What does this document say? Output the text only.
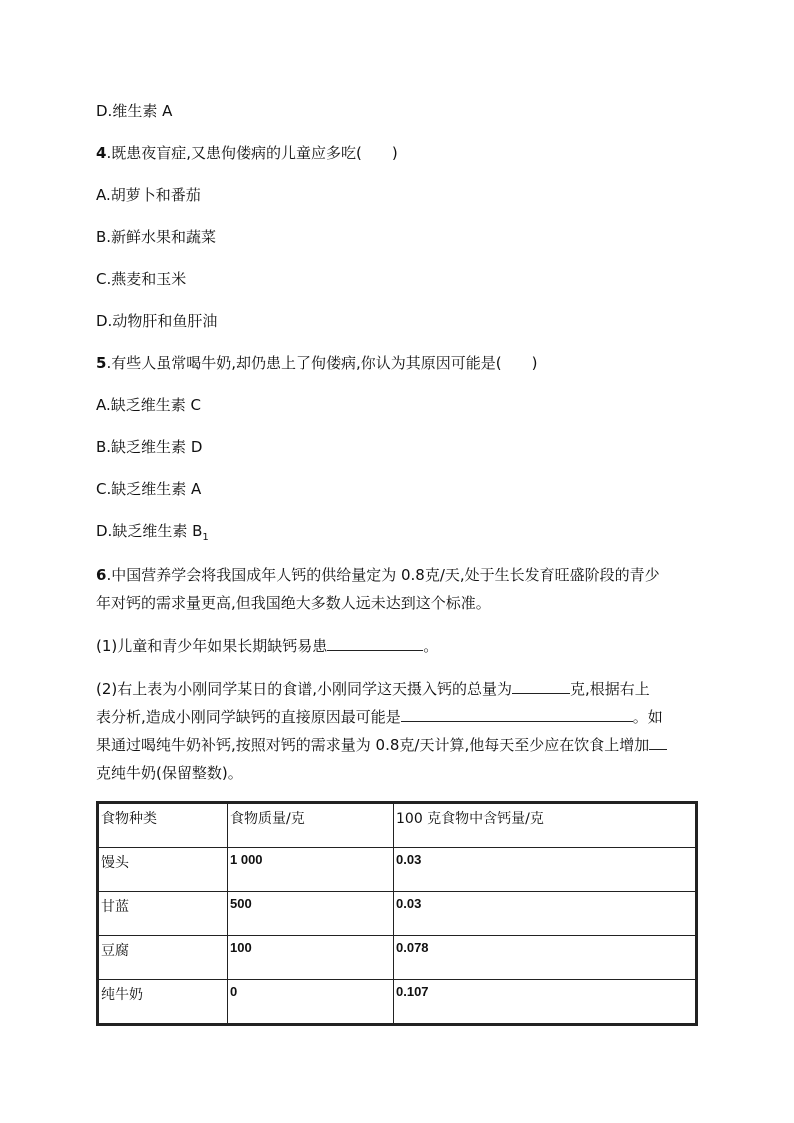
D.维生素 A
4.既患夜盲症,又患佝偻病的儿童应多吃(　　)
A.胡萝卜和番茄
B.新鲜水果和蔬菜
C.燕麦和玉米
D.动物肝和鱼肝油
5.有些人虽常喝牛奶,却仍患上了佝偻病,你认为其原因可能是(　　)
A.缺乏维生素 C
B.缺乏维生素 D
C.缺乏维生素 A
D.缺乏维生素 $B_1$
6.中国营养学会将我国成年人钙的供给量定为 0.8克/天,处于生长发育旺盛阶段的青少
年对钙的需求量更高,但我国绝大多数人远未达到这个标准。
(1)儿童和青少年如果长期缺钙易患	。
(2)右上表为小刚同学某日的食谱,小刚同学这天摄入钙的总量为	克,根据右上
表分析,造成小刚同学缺钙的直接原因最可能是	。如
果通过喝纯牛奶补钙,按照对钙的需求量为 0.8克/天计算,他每天至少应在饮食上增加
克纯牛奶(保留整数)。
食物种类	食物质量/克	100 克食物中含钙量/克
馒头	1 000	0.03
甘蓝	500	0.03
豆腐	100	0.078
纯牛奶	0	0.107
